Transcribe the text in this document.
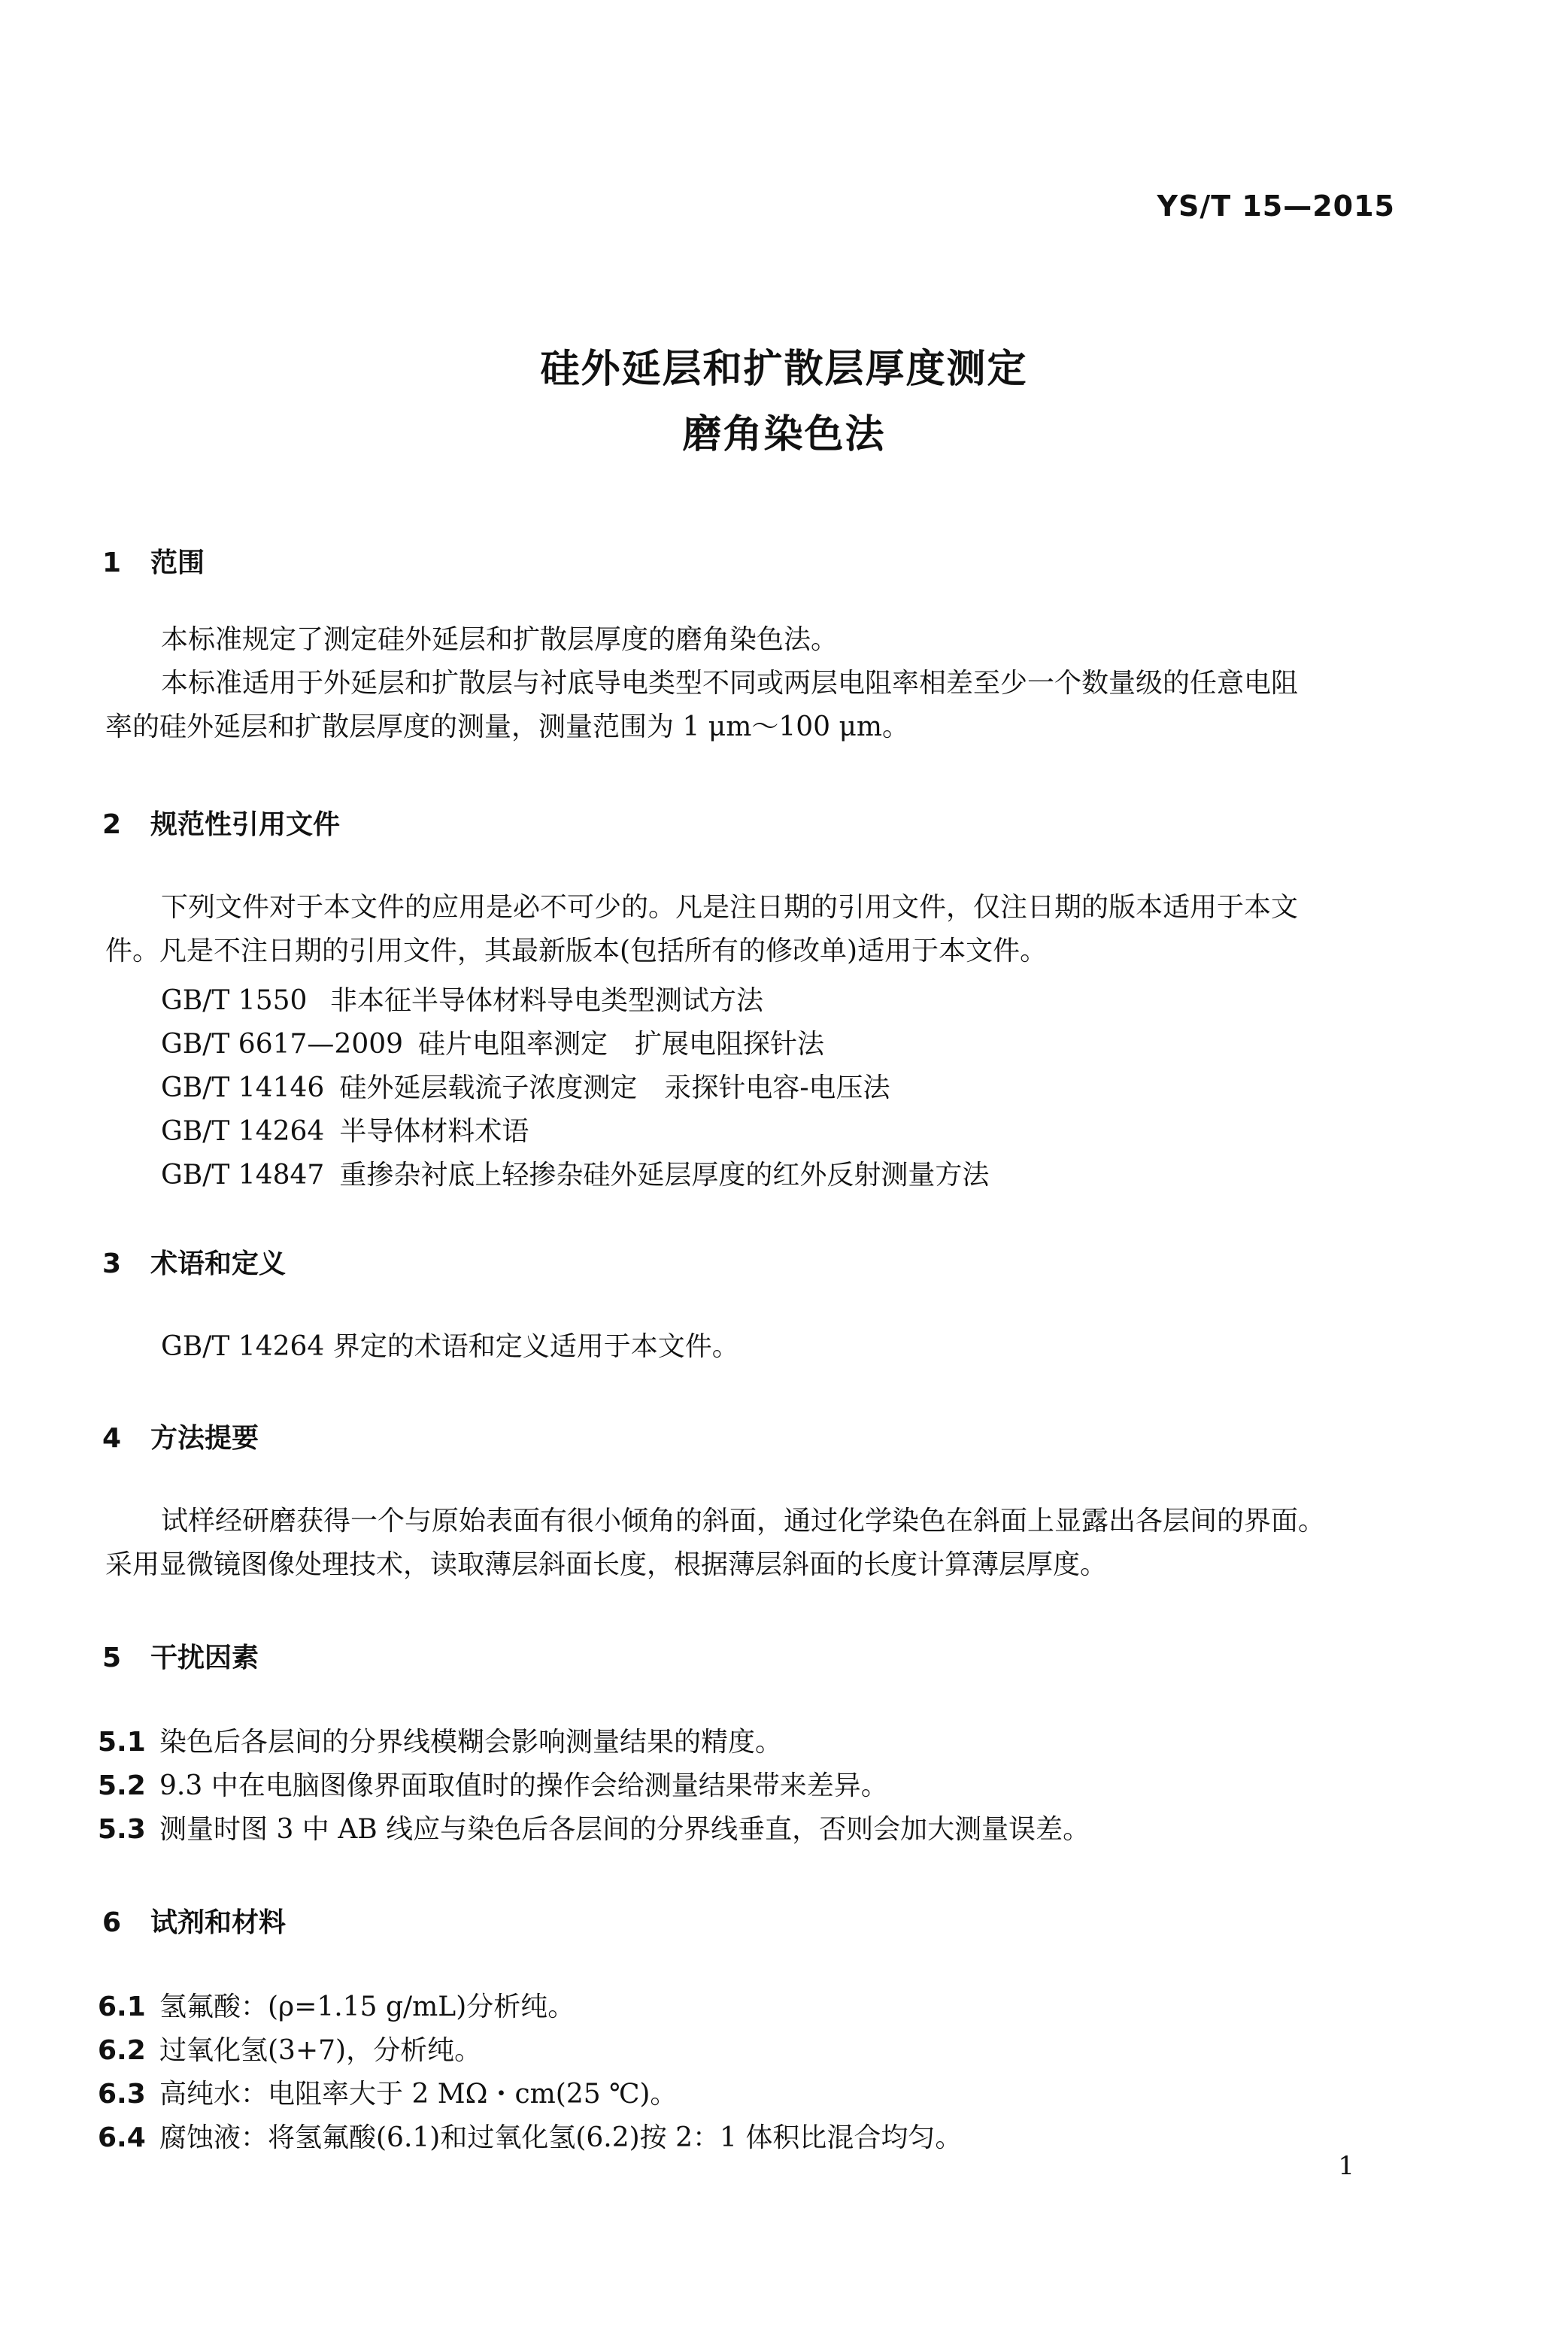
YS/T 15—2015
硅外延层和扩散层厚度测定
磨角染色法
1 范围
本标准规定了测定硅外延层和扩散层厚度的磨角染色法。
本标准适用于外延层和扩散层与衬底导电类型不同或两层电阻率相差至少一个数量级的任意电阻
率的硅外延层和扩散层厚度的测量，测量范围为 1 μm～100 μm。
2 规范性引用文件
下列文件对于本文件的应用是必不可少的。凡是注日期的引用文件，仅注日期的版本适用于本文
件。凡是不注日期的引用文件，其最新版本(包括所有的修改单)适用于本文件。
GB/T 1550 非本征半导体材料导电类型测试方法
GB/T 6617—2009 硅片电阻率测定　扩展电阻探针法
GB/T 14146 硅外延层载流子浓度测定　汞探针电容-电压法
GB/T 14264 半导体材料术语
GB/T 14847 重掺杂衬底上轻掺杂硅外延层厚度的红外反射测量方法
3 术语和定义
GB/T 14264 界定的术语和定义适用于本文件。
4 方法提要
试样经研磨获得一个与原始表面有很小倾角的斜面，通过化学染色在斜面上显露出各层间的界面。
采用显微镜图像处理技术，读取薄层斜面长度，根据薄层斜面的长度计算薄层厚度。
5 干扰因素
5.1 染色后各层间的分界线模糊会影响测量结果的精度。
5.2 9.3 中在电脑图像界面取值时的操作会给测量结果带来差异。
5.3 测量时图 3 中 AB 线应与染色后各层间的分界线垂直，否则会加大测量误差。
6 试剂和材料
6.1 氢氟酸：(ρ=1.15 g/mL)分析纯。
6.2 过氧化氢(3+7)，分析纯。
6.3 高纯水：电阻率大于 2 MΩ・cm(25 ℃)。
6.4 腐蚀液：将氢氟酸(6.1)和过氧化氢(6.2)按 2：1 体积比混合均匀。
1
